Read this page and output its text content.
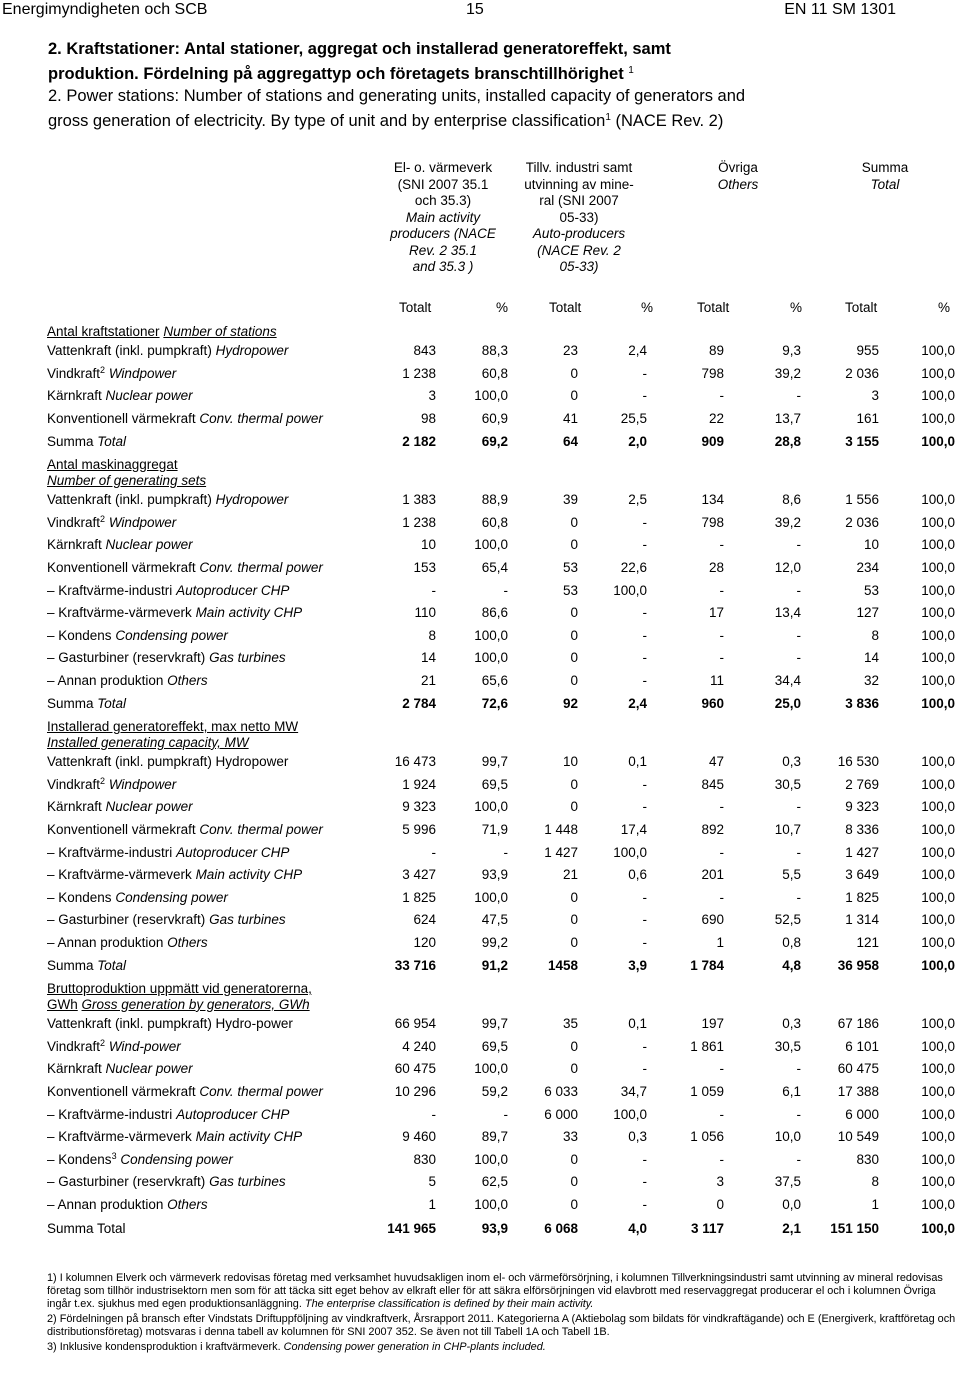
Energimyndigheten och SCB	15	EN 11 SM 1301

2. Kraftstationer: Antal stationer, aggregat och installerad generatoreffekt, samt
produktion. Fördelning på aggregattyp och företagets branschtillhörighet $^1$

2. Power stations: Number of stations and generating units, installed capacity of generators and
gross generation of electricity. By type of unit and by enterprise classification$^1$ (NACE Rev. 2)

El- o. värmeverk
(SNI 2007 35.1
och 35.3)
Main activity
producers (NACE
Rev. 2 35.1
and 35.3 )
Tillv. industri samt
utvinning av mine-
ral (SNI 2007
05-33)
Auto-producers
(NACE Rev. 2
05-33)
Övriga
Others
Summa
Total
Totalt	%	Totalt	%	Totalt	%	Totalt	%
Antal kraftstationer Number of stations								
Vattenkraft (inkl. pumpkraft) Hydropower	843	88,3	23	2,4	89	9,3	955	100,0
Vindkraft$^2$ Windpower	1 238	60,8	0	-	798	39,2	2 036	100,0
Kärnkraft Nuclear power	3	100,0	0	-	-	-	3	100,0
Konventionell värmekraft Conv. thermal power	98	60,9	41	25,5	22	13,7	161	100,0
Summa Total	2 182	69,2	64	2,0	909	28,8	3 155	100,0

Antal maskinaggregat
Number of generating sets								

Vattenkraft (inkl. pumpkraft) Hydropower	1 383	88,9	39	2,5	134	8,6	1 556	100,0
Vindkraft$^2$ Windpower	1 238	60,8	0	-	798	39,2	2 036	100,0
Kärnkraft Nuclear power	10	100,0	0	-	-	-	10	100,0
Konventionell värmekraft Conv. thermal power	153	65,4	53	22,6	28	12,0	234	100,0
– Kraftvärme-industri Autoproducer CHP	-	-	53	100,0	-	-	53	100,0
– Kraftvärme-värmeverk Main activity CHP	110	86,6	0	-	17	13,4	127	100,0
– Kondens Condensing power	8	100,0	0	-	-	-	8	100,0
– Gasturbiner (reservkraft) Gas turbines	14	100,0	0	-	-	-	14	100,0
– Annan produktion Others	21	65,6	0	-	11	34,4	32	100,0
Summa Total	2 784	72,6	92	2,4	960	25,0	3 836	100,0

Installerad generatoreffekt, max netto MW
Installed generating capacity, MW								

Vattenkraft (inkl. pumpkraft) Hydropower	16 473	99,7	10	0,1	47	0,3	16 530	100,0
Vindkraft$^2$ Windpower	1 924	69,5	0	-	845	30,5	2 769	100,0
Kärnkraft Nuclear power	9 323	100,0	0	-	-	-	9 323	100,0
Konventionell värmekraft Conv. thermal power	5 996	71,9	1 448	17,4	892	10,7	8 336	100,0
– Kraftvärme-industri Autoproducer CHP	-	-	1 427	100,0	-	-	1 427	100,0
– Kraftvärme-värmeverk Main activity CHP	3 427	93,9	21	0,6	201	5,5	3 649	100,0
– Kondens Condensing power	1 825	100,0	0	-	-	-	1 825	100,0
– Gasturbiner (reservkraft) Gas turbines	624	47,5	0	-	690	52,5	1 314	100,0
– Annan produktion Others	120	99,2	0	-	1	0,8	121	100,0
Summa Total	33 716	91,2	1458	3,9	1 784	4,8	36 958	100,0

Bruttoproduktion uppmätt vid generatorerna,
GWh Gross generation by generators, GWh								

Vattenkraft (inkl. pumpkraft) Hydro-power	66 954	99,7	35	0,1	197	0,3	67 186	100,0
Vindkraft$^2$ Wind-power	4 240	69,5	0	-	1 861	30,5	6 101	100,0
Kärnkraft Nuclear power	60 475	100,0	0	-	-	-	60 475	100,0
Konventionell värmekraft Conv. thermal power	10 296	59,2	6 033	34,7	1 059	6,1	17 388	100,0
– Kraftvärme-industri Autoproducer CHP	-	-	6 000	100,0	-	-	6 000	100,0
– Kraftvärme-värmeverk Main activity CHP	9 460	89,7	33	0,3	1 056	10,0	10 549	100,0
– Kondens$^3$ Condensing power	830	100,0	0	-	-	-	830	100,0
– Gasturbiner (reservkraft) Gas turbines	5	62,5	0	-	3	37,5	8	100,0
– Annan produktion Others	1	100,0	0	-	0	0,0	1	100,0
Summa Total	141 965	93,9	6 068	4,0	3 117	2,1	151 150	100,0

1) I kolumnen Elverk och värmeverk redovisas företag med verksamhet huvudsakligen inom el- och värmeförsörjning, i kolumnen Tillverkningsindustri samt utvinning av mineral redovisas företag som tillhör industrisektorn men som för att täcka sitt eget behov av elkraft eller för att säkra elförsörjningen vid elavbrott med reservaggregat producerar el och i kolumnen Övriga ingår t.ex. sjukhus med egen produktionsanläggning. The enterprise classification is defined by their main activity.

2) Fördelningen på bransch efter Vindstats Driftuppföljning av vindkraftverk, Årsrapport 2011. Kategorierna A (Aktiebolag som bildats för vindkraftägande) och E (Energiverk, kraftföretag och distributionsföretag) motsvaras i denna tabell av kolumnen för SNI 2007 352. Se även not till Tabell 1A och Tabell 1B.

3) Inklusive kondensproduktion i kraftvärmeverk. Condensing power generation in CHP-plants included.
